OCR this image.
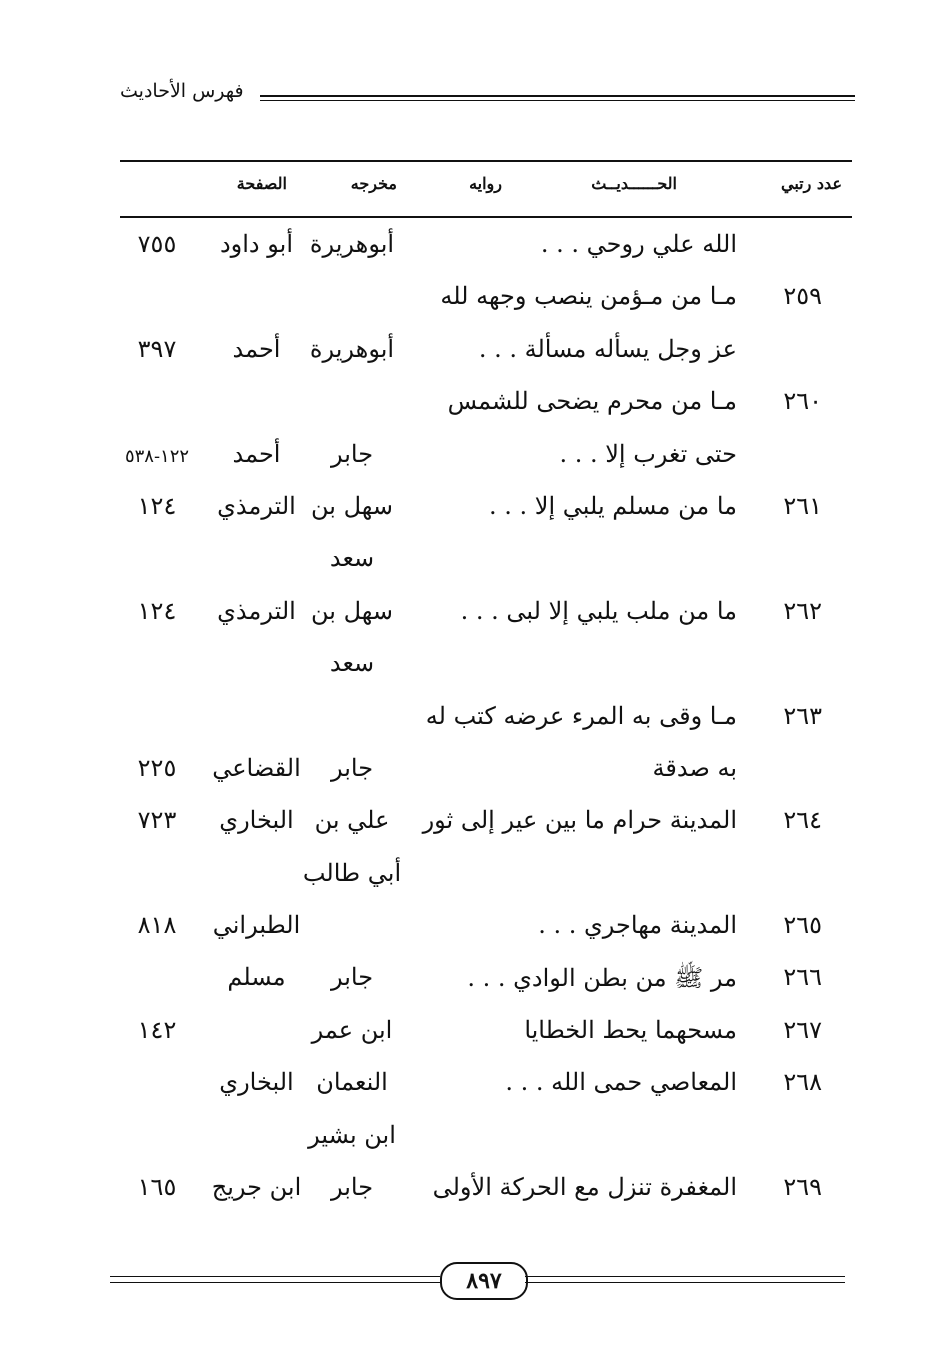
فهرس الأحاديث
عدد رتبي
الحــــــديــث
روايه
مخرجه
الصفحة
الله علي روحي . . .
أبوهريرة
أبو داود
٧٥٥
٢٥٩
مـا من مـؤمن ينصب وجهه لله
عز وجل يسأله مسألة . . .
أبوهريرة
أحمد
٣٩٧
٢٦٠
مـا من محرم يضحى للشمس
حتى تغرب إلا . . .
جابر
أحمد
١٢٢-٥٣٨
٢٦١
ما من مسلم يلبي إلا . . .
سهل بن
الترمذي
١٢٤
سعد
٢٦٢
ما من ملب يلبي إلا لبى . . .
سهل بن
الترمذي
١٢٤
سعد
٢٦٣
مـا وقى به المرء عرضه كتب له
به صدقة
جابر
القضاعي
٢٢٥
٢٦٤
المدينة حرام ما بين عير إلى ثور
علي بن
البخاري
٧٢٣
أبي طالب
٢٦٥
المدينة مهاجري . . .
الطبراني
٨١٨
٢٦٦
مر ﷺ من بطن الوادي . . .
جابر
مسلم
٢٦٧
مسحهما يحط الخطايا
ابن عمر
١٤٢
٢٦٨
المعاصي حمى الله . . .
النعمان
البخاري
ابن بشير
٢٦٩
المغفرة تنزل مع الحركة الأولى
جابر
ابن جريج
١٦٥
٨٩٧
